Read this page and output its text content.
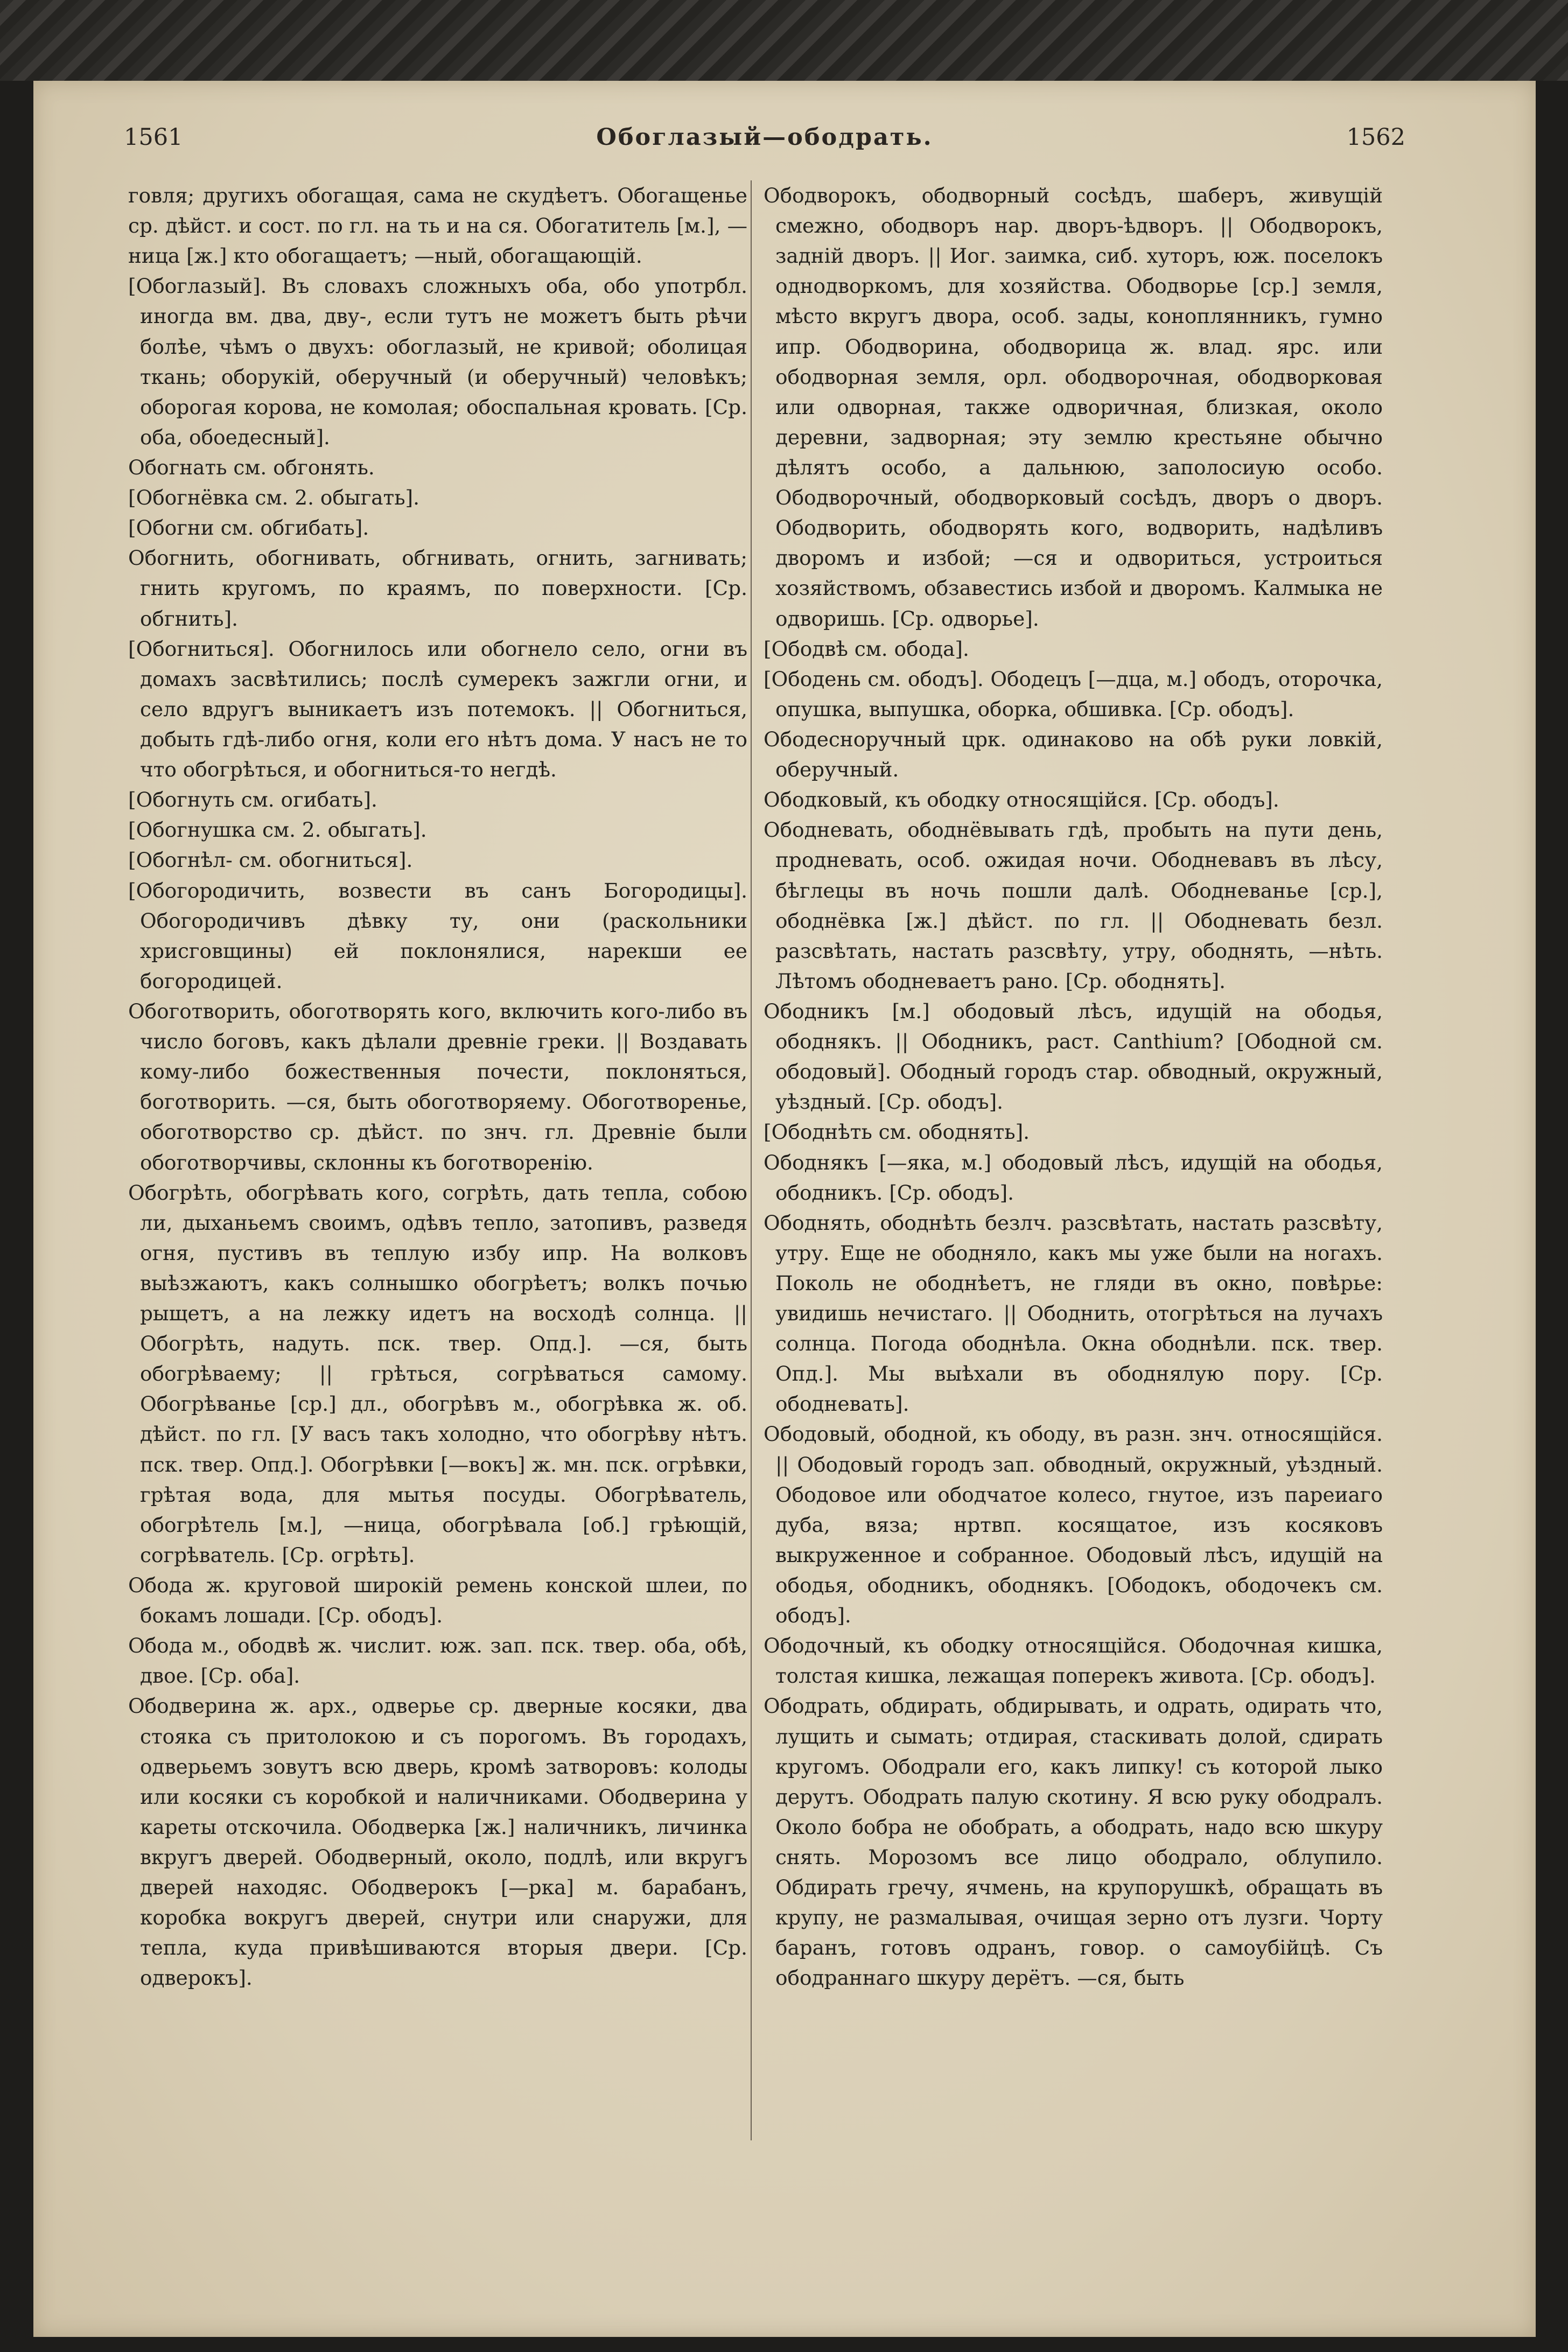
1561	Обоглазый—ободрать.	1562

говля; другихъ обогащая, сама не скудѣетъ. Обогащенье ср. дѣйст. и сост. по гл. на ть и на ся. Обогатитель [м.], —ница [ж.] кто обогащаетъ; —ный, обогащающій.

[Обоглазый]. Въ словахъ сложныхъ оба, обо употрбл. иногда вм. два, дву-, если тутъ не можетъ быть рѣчи болѣе, чѣмъ о двухъ: обоглазый, не кривой; оболицая ткань; оборукій, оберучный (и оберучный) человѣкъ; оборогая корова, не комолая; обоспальная кровать. [Ср. оба, обоедесный].

Обогнать см. обгонять.

[Обогнёвка см. 2. обыгать].

[Обогни см. обгибать].

Обогнить, обогнивать, обгнивать, огнить, загнивать; гнить кругомъ, по краямъ, по поверхности. [Ср. обгнить].

[Обогниться]. Обогнилось или обогнело село, огни въ домахъ засвѣтились; послѣ сумерекъ зажгли огни, и село вдругъ выникаетъ изъ потемокъ. || Обогниться, добыть гдѣ-либо огня, коли его нѣтъ дома. У насъ не то что обогрѣться, и обогниться-то негдѣ.

[Обогнуть см. огибать].

[Обогнушка см. 2. обыгать].

[Обогнѣл- см. обогниться].

[Обогородичить, возвести въ санъ Богородицы]. Обогородичивъ дѣвку ту, они (раскольники хрисговщины) ей поклонялися, нарекши ее богородицей.

Обоготворить, обоготворять кого, включить кого-либо въ число боговъ, какъ дѣлали древніе греки. || Воздавать кому-либо божественныя почести, поклоняться, боготворить. —ся, быть обоготворяему. Обоготворенье, обоготворство ср. дѣйст. по знч. гл. Древніе были обоготворчивы, склонны къ боготворенію.

Обогрѣть, обогрѣвать кого, согрѣть, дать тепла, собою ли, дыханьемъ своимъ, одѣвъ тепло, затопивъ, разведя огня, пустивъ въ теплую избу ипр. На волковъ выѣзжаютъ, какъ солнышко обогрѣетъ; волкъ почью рыщетъ, а на лежку идетъ на восходѣ солнца. || Обогрѣть, надуть. пск. твер. Опд.]. —ся, быть обогрѣваему; || грѣться, согрѣваться самому. Обогрѣванье [ср.] дл., обогрѣвъ м., обогрѣвка ж. об. дѣйст. по гл. [У васъ такъ холодно, что обогрѣву нѣтъ. пск. твер. Опд.]. Обогрѣвки [—вокъ] ж. мн. пск. огрѣвки, грѣтая вода, для мытья посуды. Обогрѣватель, обогрѣтель [м.], —ница, обогрѣвала [об.] грѣющій, согрѣватель. [Ср. огрѣть].

Обода ж. круговой широкій ремень конской шлеи, по бокамъ лошади. [Ср. ободъ].

Обода м., ободвѣ ж. числит. юж. зап. пск. твер. оба, обѣ, двое. [Ср. оба].

Ободверина ж. арх., одверье ср. дверные косяки, два стояка съ притолокою и съ порогомъ. Въ городахъ, одверьемъ зовутъ всю дверь, кромѣ затворовъ: колоды или косяки съ коробкой и наличниками. Ободверина у кареты отскочила. Ободверка [ж.] наличникъ, личинка вкругъ дверей. Ободверный, около, подлѣ, или вкругъ дверей находяс. Ободверокъ [—рка] м. барабанъ, коробка вокругъ дверей, снутри или снаружи, для тепла, куда привѣшиваются вторыя двери. [Ср. одверокъ].

Ободворокъ, ободворный сосѣдъ, шаберъ, живущій смежно, ободворъ нар. дворъ-ѣдворъ. || Ободворокъ, задній дворъ. || Иог. заимка, сиб. хуторъ, юж. поселокъ однодворкомъ, для хозяйства. Ободворье [ср.] земля, мѣсто вкругъ двора, особ. зады, коноплянникъ, гумно ипр. Ободворина, ободворица ж. влад. ярс. или ободворная земля, орл. ободворочная, ободворковая или одворная, также одворичная, близкая, около деревни, задворная; эту землю крестьяне обычно дѣлятъ особо, а дальнюю, заполосиую особо. Ободворочный, ободворковый сосѣдъ, дворъ о дворъ. Ободворить, ободворять кого, водворить, надѣливъ дворомъ и избой; —ся и одвориться, устроиться хозяйствомъ, обзавестись избой и дворомъ. Калмыка не одворишь. [Ср. одворье].

[Ободвѣ см. обода].

[Ободень см. ободъ]. Ободецъ [—дца, м.] ободъ, оторочка, опушка, выпушка, оборка, обшивка. [Ср. ободъ].

Ободесноручный црк. одинаково на обѣ руки ловкій, оберучный.

Ободковый, къ ободку относящійся. [Ср. ободъ].

Ободневать, ободнёвывать гдѣ, пробыть на пути день, продневать, особ. ожидая ночи. Ободневавъ въ лѣсу, бѣглецы въ ночь пошли далѣ. Ободневанье [ср.], ободнёвка [ж.] дѣйст. по гл. || Ободневать безл. разсвѣтать, настать разсвѣту, утру, ободнять, —нѣть. Лѣтомъ ободневаетъ рано. [Ср. ободнять].

Ободникъ [м.] ободовый лѣсъ, идущій на ободья, ободнякъ. || Ободникъ, раст. Canthium? [Ободной см. ободовый]. Ободный городъ стар. обводный, окружный, уѣздный. [Ср. ободъ].

[Ободнѣть см. ободнять].

Ободнякъ [—яка, м.] ободовый лѣсъ, идущій на ободья, ободникъ. [Ср. ободъ].

Ободнять, ободнѣть безлч. разсвѣтать, настать разсвѣту, утру. Еще не ободняло, какъ мы уже были на ногахъ. Поколь не ободнѣетъ, не гляди въ окно, повѣрье: увидишь нечистаго. || Ободнить, отогрѣться на лучахъ солнца. Погода ободнѣла. Окна ободнѣли. пск. твер. Опд.]. Мы выѣхали въ ободнялую пору. [Ср. ободневать].

Ободовый, ободной, къ ободу, въ разн. знч. относящійся. || Ободовый городъ зап. обводный, окружный, уѣздный. Ободовое или ободчатое колесо, гнутое, изъ пареиаго дуба, вяза; нртвп. косящатое, изъ косяковъ выкруженное и собранное. Ободовый лѣсъ, идущій на ободья, ободникъ, ободнякъ. [Ободокъ, ободочекъ см. ободъ].

Ободочный, къ ободку относящійся. Ободочная кишка, толстая кишка, лежащая поперекъ живота. [Ср. ободъ].

Ободрать, обдирать, обдирывать, и одрать, одирать что, лущить и сымать; отдирая, стаскивать долой, сдирать кругомъ. Ободрали его, какъ липку! съ которой лыко дерутъ. Ободрать палую скотину. Я всю руку ободралъ. Около бобра не обобрать, а ободрать, надо всю шкуру снять. Морозомъ все лицо ободрало, облупило. Обдирать гречу, ячмень, на крупорушкѣ, обращать въ крупу, не размалывая, очищая зерно отъ лузги. Чорту баранъ, готовъ одранъ, говор. о самоубійцѣ. Съ ободраннаго шкуру дерётъ. —ся, быть
